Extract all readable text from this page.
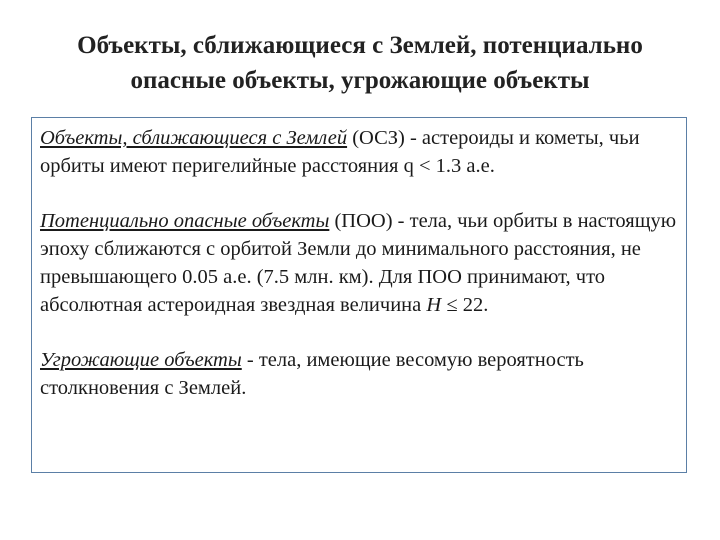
Объекты, сближающиеся с Землей, потенциально
опасные объекты, угрожающие объекты

Объекты, сближающиеся с Землей (ОСЗ) - астероиды и кометы, чьи орбиты имеют перигелийные расстояния q < 1.3 а.е.

Потенциально опасные объекты (ПОО) - тела, чьи орбиты в настоящую эпоху сближаются с орбитой Земли до минимального расстояния, не превышающего 0.05 а.е. (7.5 млн. км). Для ПОО принимают, что абсолютная астероидная звездная величина H ≤ 22.

Угрожающие объекты - тела, имеющие весомую вероятность столкновения с Землей.
